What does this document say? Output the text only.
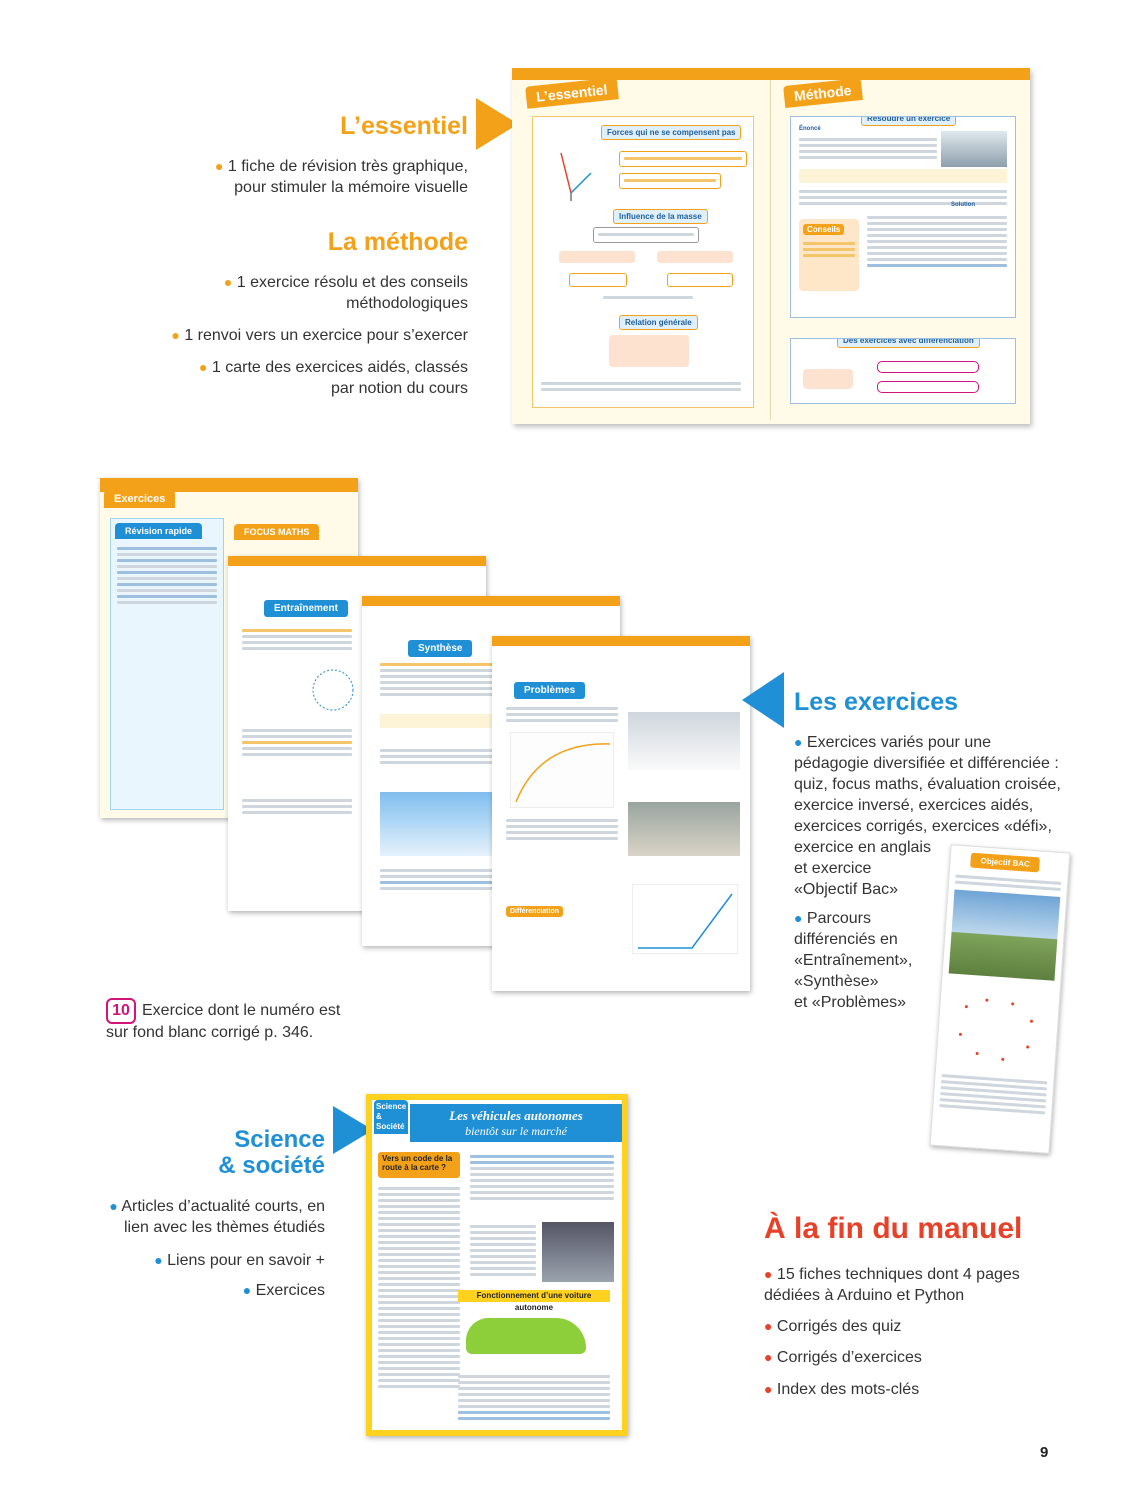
L’essentiel
● 1 fiche de révision très graphique,
pour stimuler la mémoire visuelle
La méthode
● 1 exercice résolu et des conseils
méthodologiques
● 1 renvoi vers un exercice pour s’exercer
● 1 carte des exercices aidés, classés
par notion du cours
L’essentiel	Méthode
Forces qui ne se compensent pas
Influence de la masse
Relation générale
Résoudre un exercice
Énoncé
Conseils
Solution
Des exercices avec différenciation
Exercices
Révision rapide	FOCUS MATHS
Entraînement
Synthèse
Problèmes
Différenciation
Les exercices
● Exercices variés pour une
pédagogie diversifiée et différenciée :
quiz, focus maths, évaluation croisée,
exercice inversé, exercices aidés,
exercices corrigés, exercices «défi»,
exercice en anglais
et exercice
«Objectif Bac»
● Parcours
différenciés en
«Entraînement»,
«Synthèse»
et «Problèmes»
Objectif BAC
10 Exercice dont le numéro est
sur fond blanc corrigé p. 346.
Science
& société
● Articles d’actualité courts, en
lien avec les thèmes étudiés
● Liens pour en savoir +
● Exercices
Les véhicules autonomes
bientôt sur le marché
Science & Société
Vers un code de la route à la carte ?
Fonctionnement d’une voiture autonome
À la fin du manuel
● 15 fiches techniques dont 4 pages
dédiées à Arduino et Python
● Corrigés des quiz
● Corrigés d’exercices
● Index des mots-clés
9
